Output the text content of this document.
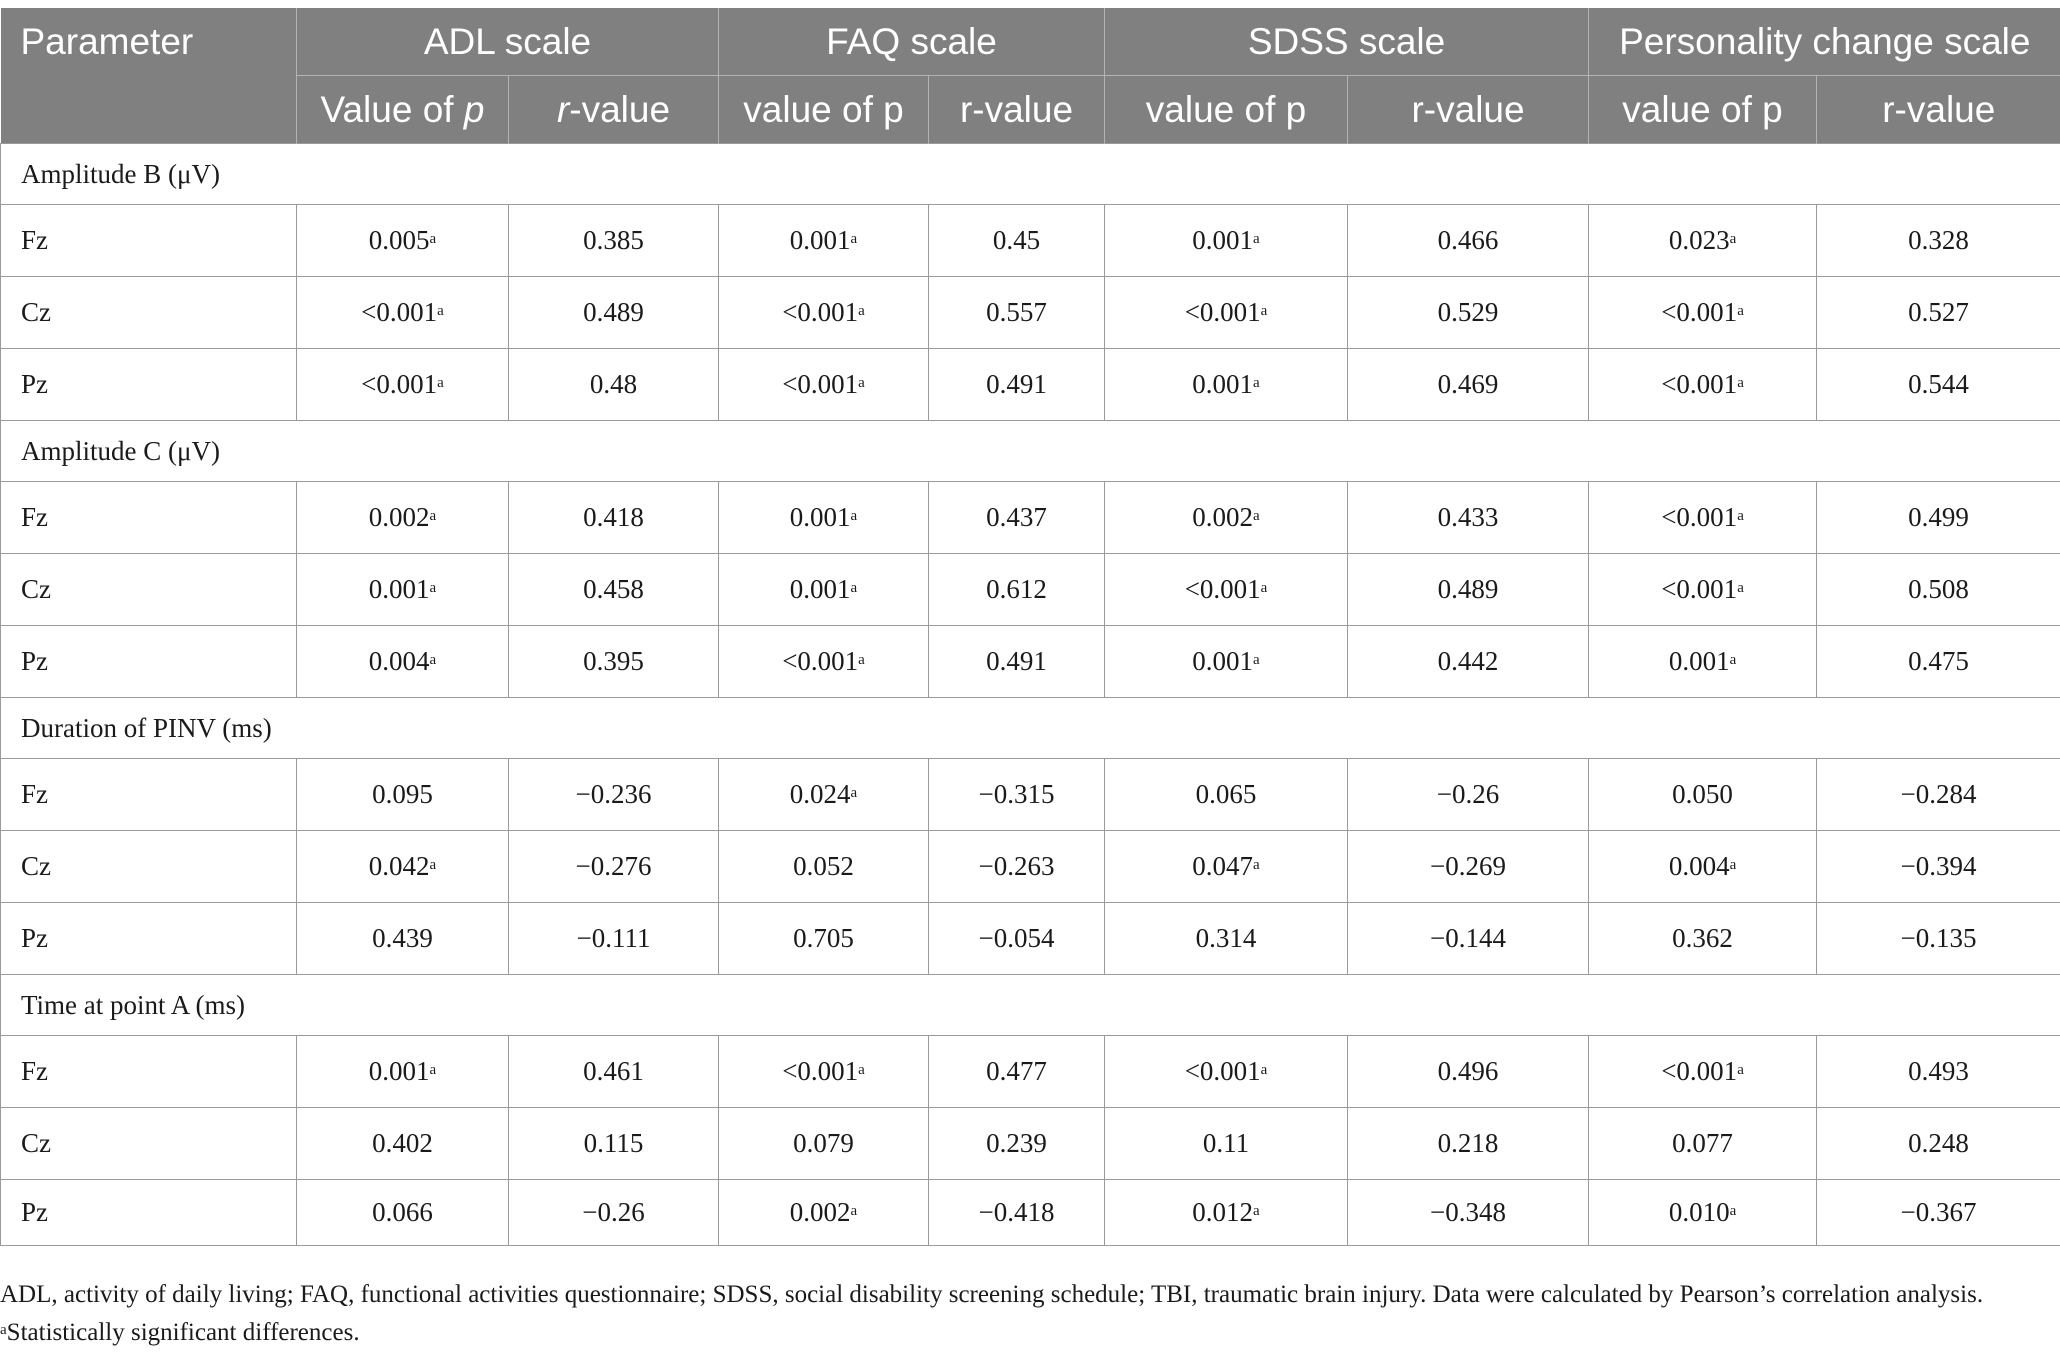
Parameter	ADL scale		FAQ scale		SDSS scale		Personality change scale	
	Value of p	r-value	value of p	r-value	value of p	r-value	value of p	r-value
Amplitude B (μV)								
Fz	0.005$^a$	0.385	0.001$^a$	0.45	0.001$^a$	0.466	0.023$^a$	0.328
Cz	<0.001$^a$	0.489	<0.001$^a$	0.557	<0.001$^a$	0.529	<0.001$^a$	0.527
Pz	<0.001$^a$	0.48	<0.001$^a$	0.491	0.001$^a$	0.469	<0.001$^a$	0.544
Amplitude C (μV)								
Fz	0.002$^a$	0.418	0.001$^a$	0.437	0.002$^a$	0.433	<0.001$^a$	0.499
Cz	0.001$^a$	0.458	0.001$^a$	0.612	<0.001$^a$	0.489	<0.001$^a$	0.508
Pz	0.004$^a$	0.395	<0.001$^a$	0.491	0.001$^a$	0.442	0.001$^a$	0.475
Duration of PINV (ms)								
Fz	0.095	−0.236	0.024$^a$	−0.315	0.065	−0.26	0.050	−0.284
Cz	0.042$^a$	−0.276	0.052	−0.263	0.047$^a$	−0.269	0.004$^a$	−0.394
Pz	0.439	−0.111	0.705	−0.054	0.314	−0.144	0.362	−0.135
Time at point A (ms)								
Fz	0.001$^a$	0.461	<0.001$^a$	0.477	<0.001$^a$	0.496	<0.001$^a$	0.493
Cz	0.402	0.115	0.079	0.239	0.11	0.218	0.077	0.248
Pz	0.066	−0.26	0.002$^a$	−0.418	0.012$^a$	−0.348	0.010$^a$	−0.367
ADL, activity of daily living; FAQ, functional activities questionnaire; SDSS, social disability screening schedule; TBI, traumatic brain injury. Data were calculated by Pearson’s correlation analysis. $^a$Statistically significant differences.
